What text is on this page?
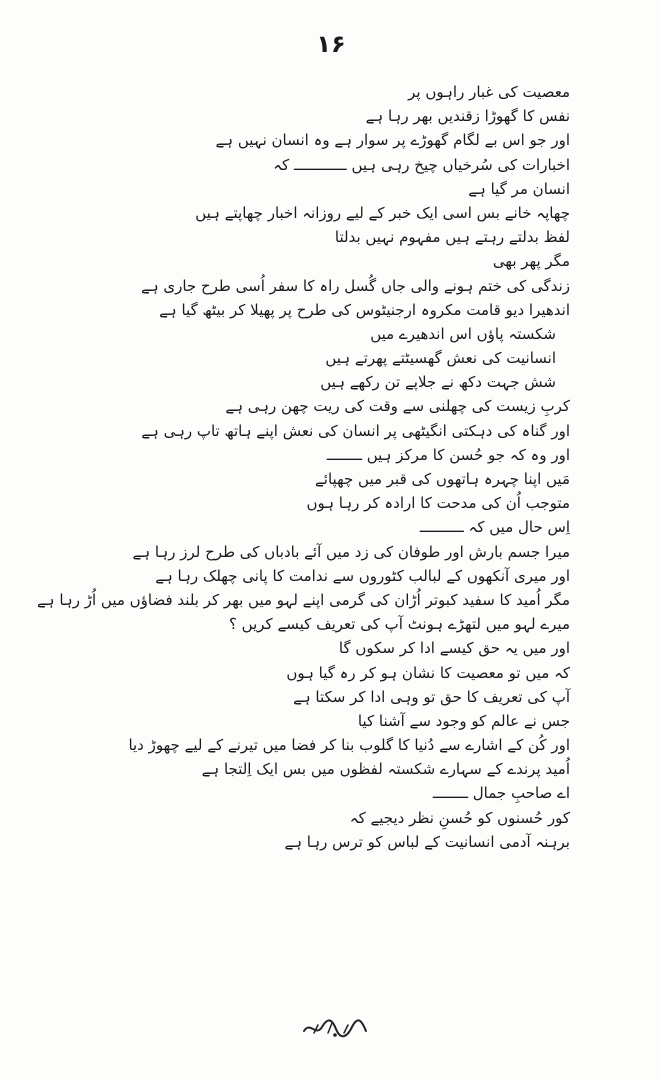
۱۶
معصیت کی غبار راہوں پر
نفس کا گھوڑا زقندیں بھر رہا ہے
اور جو اس بے لگام گھوڑے پر سوار ہے وہ انسان نہیں ہے
اخبارات کی سُرخیاں چیخ رہی ہیں ــــــــــــ کہ
انسان مر گیا ہے
چھاپہ خانے بس اسی ایک خبر کے لیے روزانہ اخبار چھاپتے ہیں
لفظ بدلتے رہتے ہیں مفہوم نہیں بدلتا
مگر پھر بھی
زندگی کی ختم ہونے والی جاں گُسل راہ کا سفر اُسی طرح جاری ہے
اندھیرا دیو قامت مکروہ ارجنیٹوس کی طرح پر پھیلا کر بیٹھ گیا ہے
شکستہ پاؤں اس اندھیرے میں
انسانیت کی نعش گھسیٹتے پھرتے ہیں
شش جہت دکھ نے جلاپے تن رکھے ہیں
کربِ زیست کی چھلنی سے وقت کی ریت چھن رہی ہے
اور گناہ کی دہکتی انگیٹھی پر انسان کی نعش اپنے ہاتھ تاپ رہی ہے
اور وہ کہ جو حُسن کا مرکز ہیں ــــــــ
مَیں اپنا چہرہ ہاتھوں کی قبر میں چھپائے
متوجب اُن کی مدحت کا ارادہ کر رہا ہوں
اِس حال میں کہ ــــــــــ
میرا جسم بارش اور طوفان کی زد میں آئے بادباں کی طرح لرز رہا ہے
اور میری آنکھوں کے لبالب کٹوروں سے ندامت کا پانی چھلک رہا ہے
مگر اُمید کا سفید کبوتر اُڑان کی گرمی اپنے لہو میں بھر کر بلند فضاؤں میں اُڑ رہا ہے
میرے لہو میں لتھڑے ہونٹ آپ کی تعریف کیسے کریں ؟
اور میں یہ حق کیسے ادا کر سکوں گا
کہ میں تو معصیت کا نشان ہو کر رہ گیا ہوں
آپ کی تعریف کا حق تو وہی ادا کر سکتا ہے
جس نے عالم کو وجود سے آشنا کیا
اور کُن کے اشارے سے دُنیا کا گلوب بنا کر فضا میں تیرنے کے لیے چھوڑ دیا
اُمید پرندے کے سہارے شکستہ لفظوں میں بس ایک اِلتجا ہے
اے صاحبِ جمال ــــــــ
کور حُسنوں کو حُسنِ نظر دیجیے کہ
برہنہ آدمی انسانیت کے لباس کو ترس رہا ہے
